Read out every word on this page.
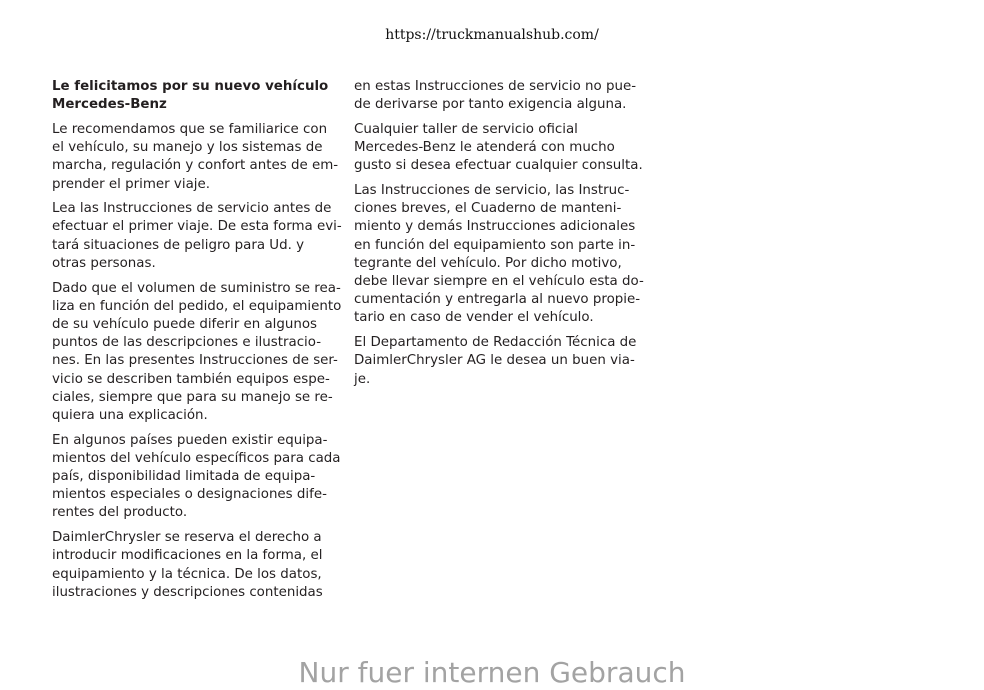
https://truckmanualshub.com/
Le felicitamos por su nuevo vehículo
Mercedes-Benz
Le recomendamos que se familiarice con
el vehículo, su manejo y los sistemas de
marcha, regulación y confort antes de em-
prender el primer viaje.
Lea las Instrucciones de servicio antes de
efectuar el primer viaje. De esta forma evi-
tará situaciones de peligro para Ud. y
otras personas.
Dado que el volumen de suministro se rea-
liza en función del pedido, el equipamiento
de su vehículo puede diferir en algunos
puntos de las descripciones e ilustracio-
nes. En las presentes Instrucciones de ser-
vicio se describen también equipos espe-
ciales, siempre que para su manejo se re-
quiera una explicación.
En algunos países pueden existir equipa-
mientos del vehículo específicos para cada
país, disponibilidad limitada de equipa-
mientos especiales o designaciones dife-
rentes del producto.
DaimlerChrysler se reserva el derecho a
introducir modificaciones en la forma, el
equipamiento y la técnica. De los datos,
ilustraciones y descripciones contenidas
en estas Instrucciones de servicio no pue-
de derivarse por tanto exigencia alguna.
Cualquier taller de servicio oficial
Mercedes-Benz le atenderá con mucho
gusto si desea efectuar cualquier consulta.
Las Instrucciones de servicio, las Instruc-
ciones breves, el Cuaderno de manteni-
miento y demás Instrucciones adicionales
en función del equipamiento son parte in-
tegrante del vehículo. Por dicho motivo,
debe llevar siempre en el vehículo esta do-
cumentación y entregarla al nuevo propie-
tario en caso de vender el vehículo.
El Departamento de Redacción Técnica de
DaimlerChrysler AG le desea un buen via-
je.
Nur fuer internen Gebrauch
